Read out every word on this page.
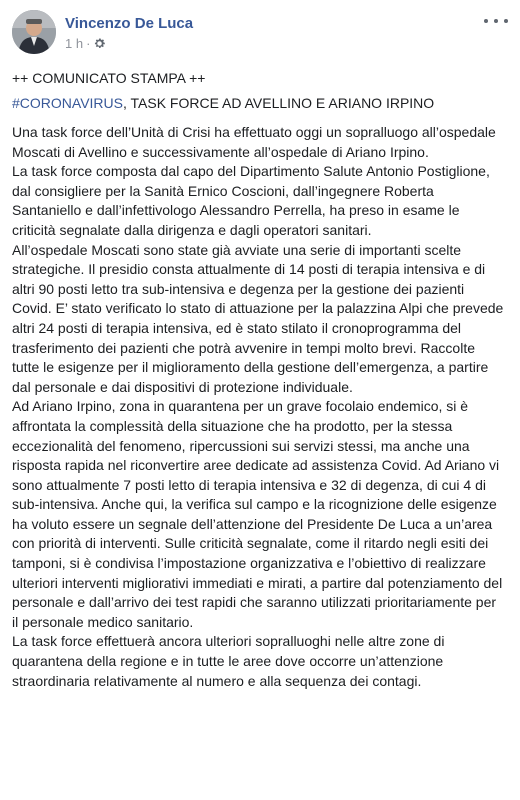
Vincenzo De Luca
1 h ·
++ COMUNICATO STAMPA ++
#CORONAVIRUS, TASK FORCE AD AVELLINO E ARIANO IRPINO
Una task force dell’Unità di Crisi ha effettuato oggi un sopralluogo all’ospedale Moscati di Avellino e successivamente all’ospedale di Ariano Irpino.
La task force composta dal capo del Dipartimento Salute Antonio Postiglione, dal consigliere per la Sanità Ernico Coscioni, dall’ingegnere Roberta Santaniello e dall’infettivologo Alessandro Perrella, ha preso in esame le criticità segnalate dalla dirigenza e dagli operatori sanitari.
All’ospedale Moscati sono state già avviate una serie di importanti scelte strategiche. Il presidio consta attualmente di 14 posti di terapia intensiva e di altri 90 posti letto tra sub-intensiva e degenza per la gestione dei pazienti Covid. E’ stato verificato lo stato di attuazione per la palazzina Alpi che prevede altri 24 posti di terapia intensiva, ed è stato stilato il cronoprogramma del trasferimento dei pazienti che potrà avvenire in tempi molto brevi. Raccolte tutte le esigenze per il miglioramento della gestione dell’emergenza, a partire dal personale e dai dispositivi di protezione individuale.
Ad Ariano Irpino, zona in quarantena per un grave focolaio endemico, si è affrontata la complessità della situazione che ha prodotto, per la stessa eccezionalità del fenomeno, ripercussioni sui servizi stessi, ma anche una risposta rapida nel riconvertire aree dedicate ad assistenza Covid. Ad Ariano vi sono attualmente 7 posti letto di terapia intensiva e 32 di degenza, di cui 4 di sub-intensiva. Anche qui, la verifica sul campo e la ricognizione delle esigenze ha voluto essere un segnale dell’attenzione del Presidente De Luca a un’area con priorità di interventi. Sulle criticità segnalate, come il ritardo negli esiti dei tamponi, si è condivisa l’impostazione organizzativa e l’obiettivo di realizzare ulteriori interventi migliorativi immediati e mirati, a partire dal potenziamento del personale e dall’arrivo dei test rapidi che saranno utilizzati prioritariamente per il personale medico sanitario.
La task force effettuerà ancora ulteriori sopralluoghi nelle altre zone di quarantena della regione e in tutte le aree dove occorre un’attenzione straordinaria relativamente al numero e alla sequenza dei contagi.
